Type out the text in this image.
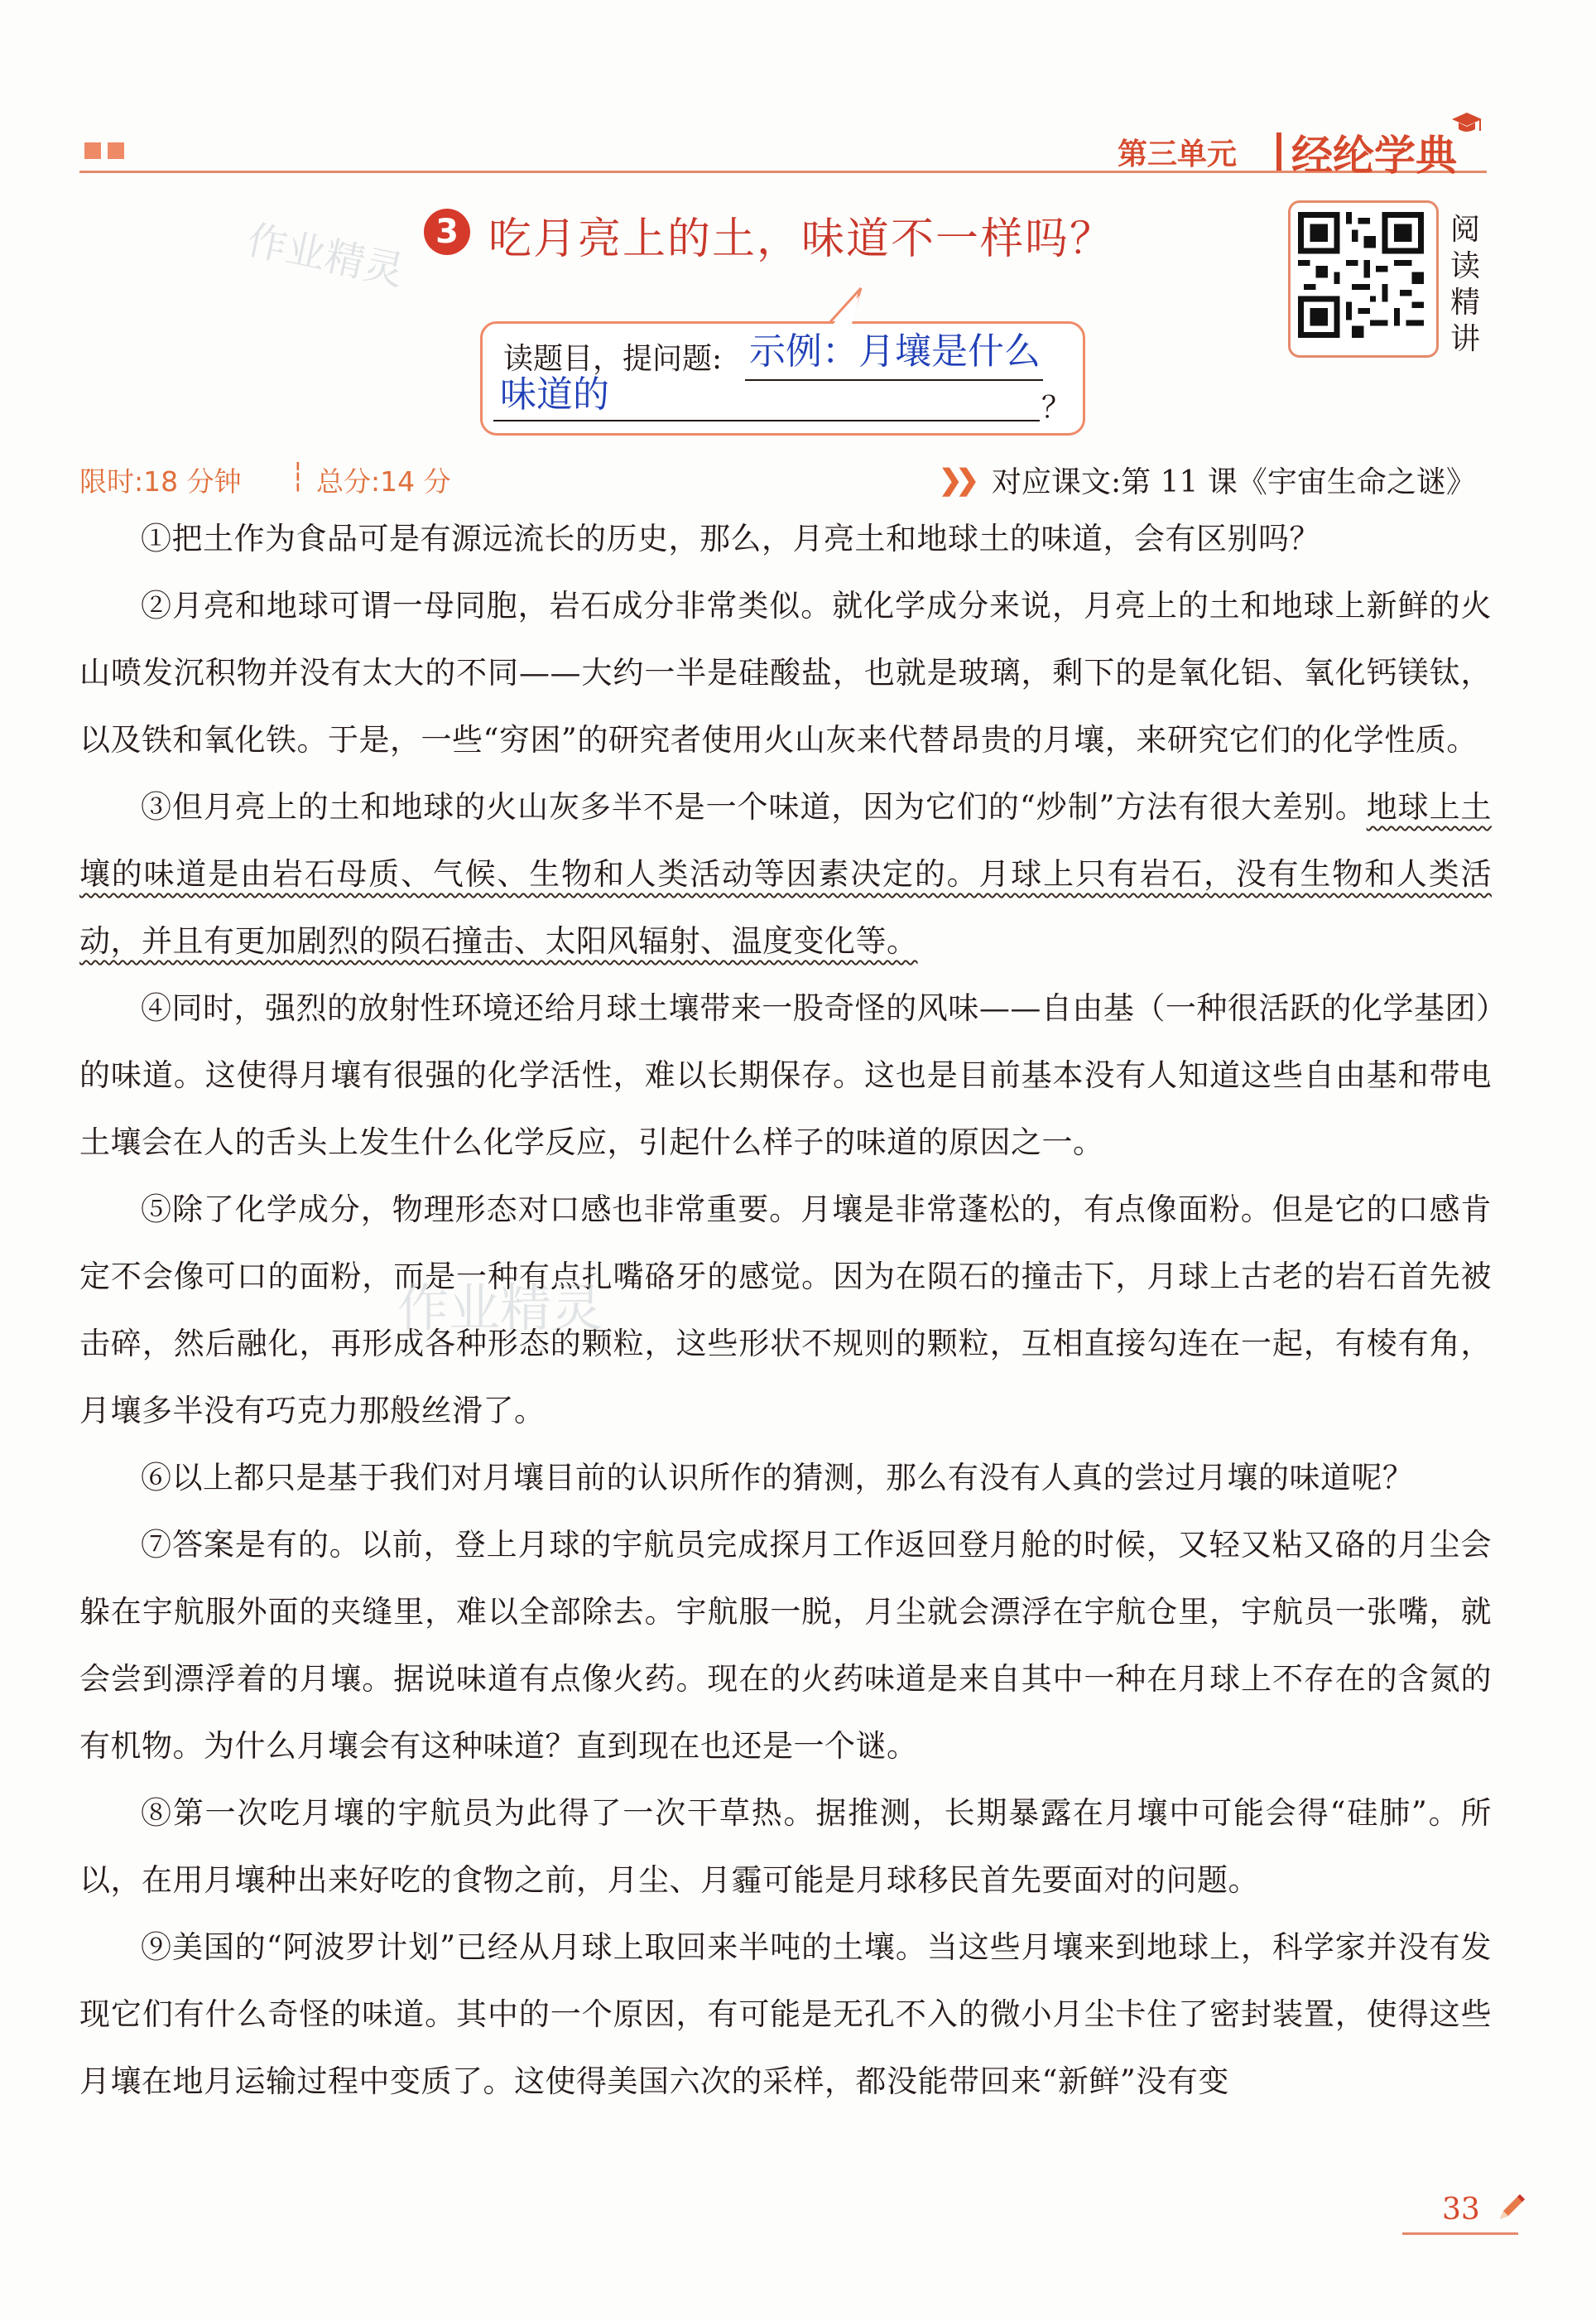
第三单元 经纶学典
作业精灵 3 吃月亮上的土，味道不一样吗？
读题目，提问题: 示例：月壤是什么
味道的	？
阅读精讲
限时:18 分钟 ┆ 总分:14 分	❯❯ 对应课文:第 11 课《宇宙生命之谜》

①把土作为食品可是有源远流长的历史，那么，月亮土和地球土的味道，会有区别吗？

②月亮和地球可谓一母同胞，岩石成分非常类似。就化学成分来说，月亮上的土和地球上新鲜的火山喷发沉积物并没有太大的不同——大约一半是硅酸盐，也就是玻璃，剩下的是氧化铝、氧化钙镁钛，以及铁和氧化铁。于是，一些“穷困”的研究者使用火山灰来代替昂贵的月壤，来研究它们的化学性质。

③但月亮上的土和地球的火山灰多半不是一个味道，因为它们的“炒制”方法有很大差别。地球上土壤的味道是由岩石母质、气候、生物和人类活动等因素决定的。月球上只有岩石，没有生物和人类活动，并且有更加剧烈的陨石撞击、太阳风辐射、温度变化等。

④同时，强烈的放射性环境还给月球土壤带来一股奇怪的风味——自由基（一种很活跃的化学基团）的味道。这使得月壤有很强的化学活性，难以长期保存。这也是目前基本没有人知道这些自由基和带电土壤会在人的舌头上发生什么化学反应，引起什么样子的味道的原因之一。

⑤除了化学成分，物理形态对口感也非常重要。月壤是非常蓬松的，有点像面粉。但是它的口感肯定不会像可口的面粉，而是一种有点扎嘴硌牙的感觉。因为在陨石的撞击下，月球上古老的岩石首先被击碎，然后融化，再形成各种形态的颗粒，这些形状不规则的颗粒，互相直接勾连在一起，有棱有角，月壤多半没有巧克力那般丝滑了。

⑥以上都只是基于我们对月壤目前的认识所作的猜测，那么有没有人真的尝过月壤的味道呢？

⑦答案是有的。以前，登上月球的宇航员完成探月工作返回登月舱的时候，又轻又粘又硌的月尘会躲在宇航服外面的夹缝里，难以全部除去。宇航服一脱，月尘就会漂浮在宇航仓里，宇航员一张嘴，就会尝到漂浮着的月壤。据说味道有点像火药。现在的火药味道是来自其中一种在月球上不存在的含氮的有机物。为什么月壤会有这种味道？直到现在也还是一个谜。

⑧第一次吃月壤的宇航员为此得了一次干草热。据推测，长期暴露在月壤中可能会得“硅肺”。所以，在用月壤种出来好吃的食物之前，月尘、月霾可能是月球移民首先要面对的问题。

⑨美国的“阿波罗计划”已经从月球上取回来半吨的土壤。当这些月壤来到地球上，科学家并没有发现它们有什么奇怪的味道。其中的一个原因，有可能是无孔不入的微小月尘卡住了密封装置，使得这些月壤在地月运输过程中变质了。这使得美国六次的采样，都没能带回来“新鲜”没有变

作业精灵
33
